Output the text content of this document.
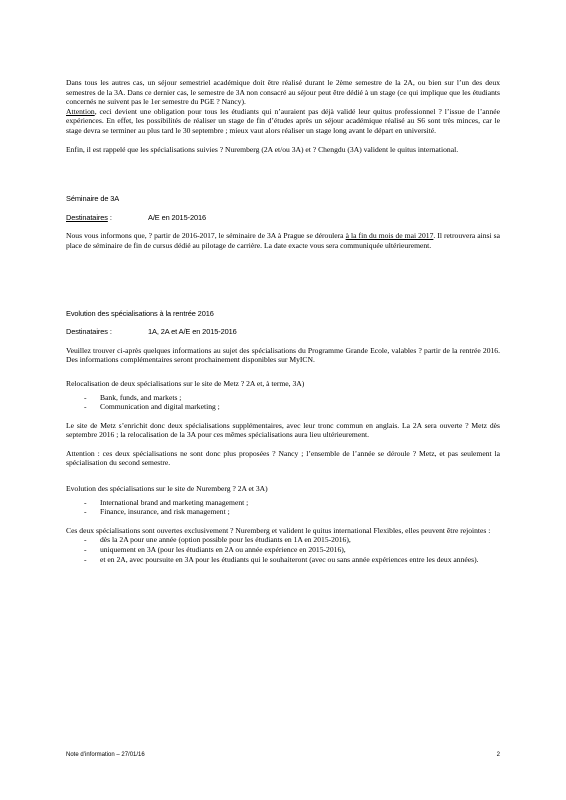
Dans tous les autres cas, un séjour semestriel académique doit être réalisé durant le 2ème semestre de la 2A, ou bien sur l’un des deux semestres de la 3A. Dans ce dernier cas, le semestre de 3A non consacré au séjour peut être dédié à un stage (ce qui implique que les étudiants concernés ne suivent pas le 1er semestre du PGE ? Nancy).

Attention, ceci devient une obligation pour tous les étudiants qui n’auraient pas déjà validé leur quitus professionnel ? l’issue de l’année expériences. En effet, les possibilités de réaliser un stage de fin d’études après un séjour académique réalisé au S6 sont très minces, car le stage devra se terminer au plus tard le 30 septembre ; mieux vaut alors réaliser un stage long avant le départ en université.

Enfin, il est rappelé que les spécialisations suivies ? Nuremberg (2A et/ou 3A) et ? Chengdu (3A) valident le quitus international.

Séminaire de 3A

Destinataires :	A/E en 2015-2016

Nous vous informons que, ? partir de 2016-2017, le séminaire de 3A à Prague se déroulera à la fin du mois de mai 2017. Il retrouvera ainsi sa place de séminaire de fin de cursus dédié au pilotage de carrière. La date exacte vous sera communiquée ultérieurement.

Evolution des spécialisations à la rentrée 2016

Destinataires :	1A, 2A et A/E en 2015-2016

Veuillez trouver ci-après quelques informations au sujet des spécialisations du Programme Grande Ecole, valables ? partir de la rentrée 2016. Des informations complémentaires seront prochainement disponibles sur MyICN.

Relocalisation de deux spécialisations sur le site de Metz ? 2A et, à terme, 3A)

- Bank, funds, and markets ;
- Communication and digital marketing ;

Le site de Metz s’enrichit donc deux spécialisations supplémentaires, avec leur tronc commun en anglais. La 2A sera ouverte ? Metz dès septembre 2016 ; la relocalisation de la 3A pour ces mêmes spécialisations aura lieu ultérieurement.

Attention : ces deux spécialisations ne sont donc plus proposées ? Nancy ; l’ensemble de l’année se déroule ? Metz, et pas seulement la spécialisation du second semestre.

Evolution des spécialisations sur le site de Nuremberg ? 2A et 3A)

- International brand and marketing management ;
- Finance, insurance, and risk management ;

Ces deux spécialisations sont ouvertes exclusivement ? Nuremberg et valident le quitus international Flexibles, elles peuvent être rejointes :

- dès la 2A pour une année (option possible pour les étudiants en 1A en 2015-2016),
- uniquement en 3A (pour les étudiants en 2A ou année expérience en 2015-2016),
- et en 2A, avec poursuite en 3A pour les étudiants qui le souhaiteront (avec ou sans année expériences entre les deux années).
Note d’information – 27/01/16	2
